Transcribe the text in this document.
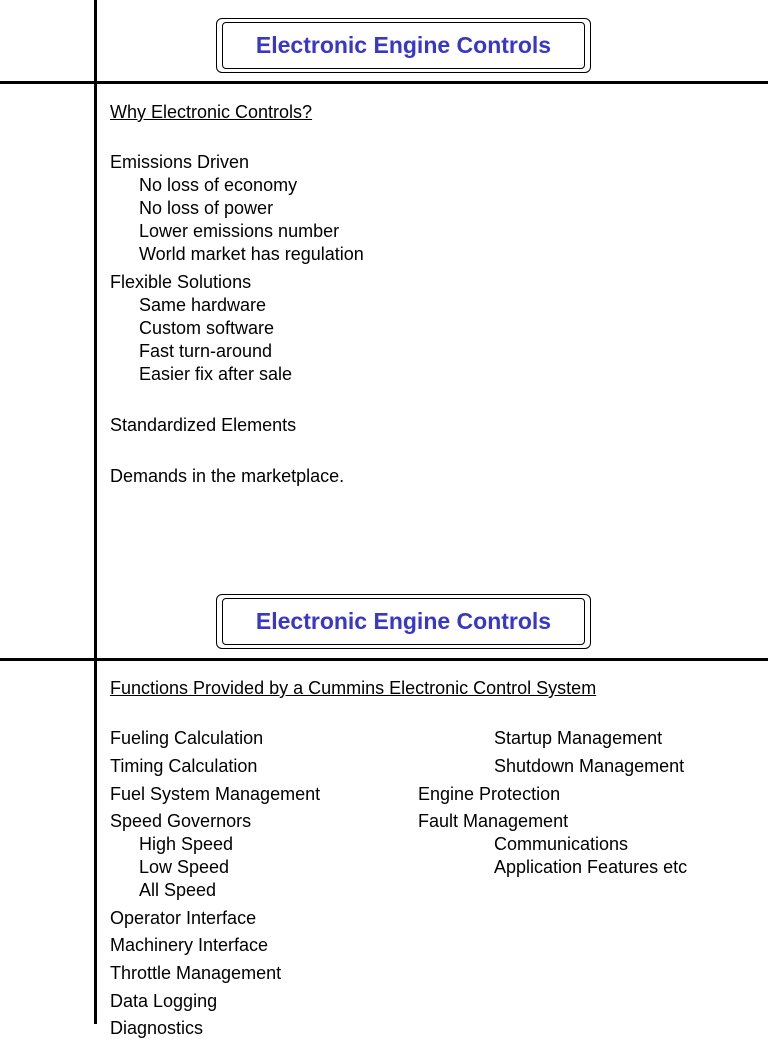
Electronic Engine Controls
Why Electronic Controls?
Emissions Driven
No loss of economy
No loss of power
Lower emissions number
World market has regulation
Flexible Solutions
Same hardware
Custom software
Fast turn-around
Easier fix after sale
Standardized Elements
Demands in the marketplace.
Electronic Engine Controls
Functions Provided by a Cummins Electronic Control System
Fueling Calculation
Timing Calculation
Fuel System Management
Speed Governors
High Speed
Low Speed
All Speed
Operator Interface
Machinery Interface
Throttle Management
Data Logging
Diagnostics
Startup Management
Shutdown Management
Engine Protection
Fault Management
Communications
Application Features etc
